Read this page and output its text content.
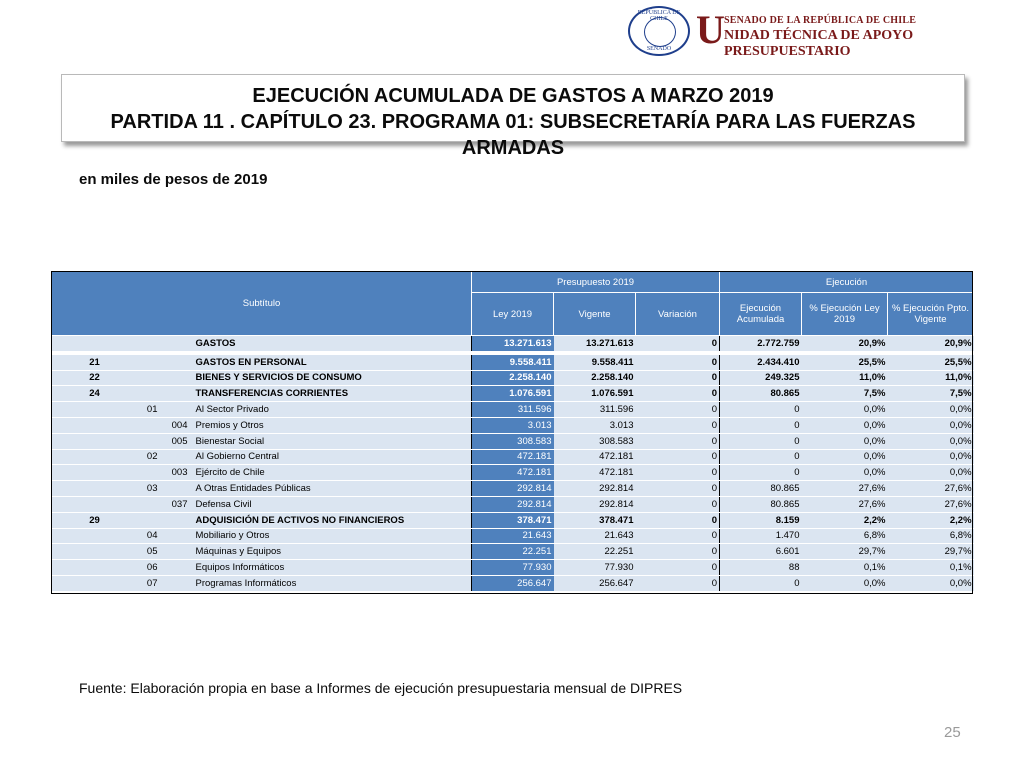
REPÚBLICA DE CHILE
SENADO U SENADO DE LA REPÚBLICA DE CHILE
NIDAD TÉCNICA DE APOYO PRESUPUESTARIO
EJECUCIÓN ACUMULADA DE GASTOS A MARZO 2019
PARTIDA 11 . CAPÍTULO 23. PROGRAMA 01: SUBSECRETARÍA PARA LAS FUERZAS ARMADAS
en miles de pesos de 2019
Subtítulo				Presupuesto 2019			Ejecución		
				Ley 2019	Vigente	Variación	Ejecución Acumulada	% Ejecución Ley 2019	% Ejecución Ppto. Vigente
			GASTOS	13.271.613	13.271.613	0	2.772.759	20,9%	20,9%
21			GASTOS EN PERSONAL	9.558.411	9.558.411	0	2.434.410	25,5%	25,5%
22			BIENES Y SERVICIOS DE CONSUMO	2.258.140	2.258.140	0	249.325	11,0%	11,0%
24			TRANSFERENCIAS CORRIENTES	1.076.591	1.076.591	0	80.865	7,5%	7,5%
	01		Al Sector Privado	311.596	311.596	0	0	0,0%	0,0%
		004	Premios y Otros	3.013	3.013	0	0	0,0%	0,0%
		005	Bienestar Social	308.583	308.583	0	0	0,0%	0,0%
	02		Al Gobierno Central	472.181	472.181	0	0	0,0%	0,0%
		003	Ejército de Chile	472.181	472.181	0	0	0,0%	0,0%
	03		A Otras Entidades Públicas	292.814	292.814	0	80.865	27,6%	27,6%
		037	Defensa Civil	292.814	292.814	0	80.865	27,6%	27,6%
29			ADQUISICIÓN DE ACTIVOS NO FINANCIEROS	378.471	378.471	0	8.159	2,2%	2,2%
	04		Mobiliario y Otros	21.643	21.643	0	1.470	6,8%	6,8%
	05		Máquinas y Equipos	22.251	22.251	0	6.601	29,7%	29,7%
	06		Equipos Informáticos	77.930	77.930	0	88	0,1%	0,1%
	07		Programas Informáticos	256.647	256.647	0	0	0,0%	0,0%
Fuente: Elaboración propia en base a Informes de ejecución presupuestaria mensual de DIPRES
25
